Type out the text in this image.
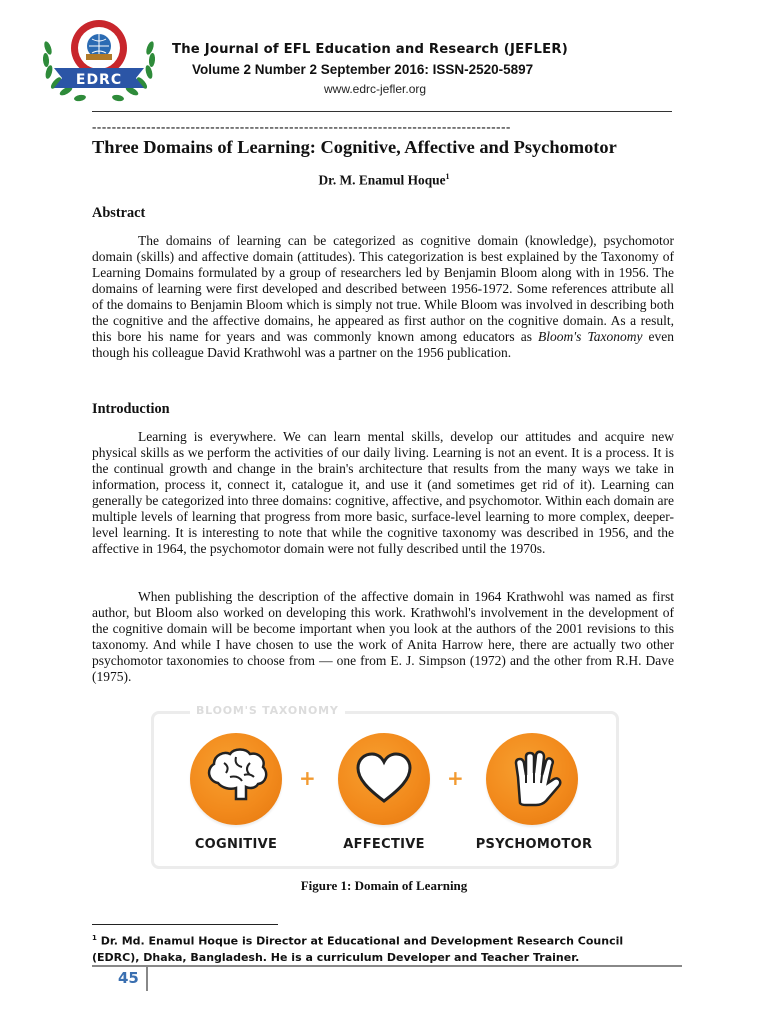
EDRC
The Journal of EFL Education and Research (JEFLER)
Volume 2 Number 2 September 2016: ISSN-2520-5897
www.edrc-jefler.org
-------------------------------------------------------------------------------------
Three Domains of Learning: Cognitive, Affective and Psychomotor
Dr. M. Enamul Hoque$^1$
Abstract
The domains of learning can be categorized as cognitive domain (knowledge), psychomotor domain (skills) and affective domain (attitudes). This categorization is best explained by the Taxonomy of Learning Domains formulated by a group of researchers led by Benjamin Bloom along with in 1956. The domains of learning were first developed and described between 1956-1972. Some references attribute all of the domains to Benjamin Bloom which is simply not true. While Bloom was involved in describing both the cognitive and the affective domains, he appeared as first author on the cognitive domain. As a result, this bore his name for years and was commonly known among educators as Bloom's Taxonomy even though his colleague David Krathwohl was a partner on the 1956 publication.
Introduction
Learning is everywhere. We can learn mental skills, develop our attitudes and acquire new physical skills as we perform the activities of our daily living. Learning is not an event. It is a process. It is the continual growth and change in the brain's architecture that results from the many ways we take in information, process it, connect it, catalogue it, and use it (and sometimes get rid of it). Learning can generally be categorized into three domains: cognitive, affective, and psychomotor. Within each domain are multiple levels of learning that progress from more basic, surface-level learning to more complex, deeper-level learning. It is interesting to note that while the cognitive taxonomy was described in 1956, and the affective in 1964, the psychomotor domain were not fully described until the 1970s.
When publishing the description of the affective domain in 1964 Krathwohl was named as first author, but Bloom also worked on developing this work. Krathwohl's involvement in the development of the cognitive domain will be become important when you look at the authors of the 2001 revisions to this taxonomy. And while I have chosen to use the work of Anita Harrow here, there are actually two other psychomotor taxonomies to choose from — one from E. J. Simpson (1972) and the other from R.H. Dave (1975).
BLOOM'S TAXONOMY
+	+
COGNITIVE	AFFECTIVE	PSYCHOMOTOR
Figure 1: Domain of Learning
$^1$ Dr. Md. Enamul Hoque is Director at Educational and Development Research Council (EDRC), Dhaka, Bangladesh. He is a curriculum Developer and Teacher Trainer.
45
